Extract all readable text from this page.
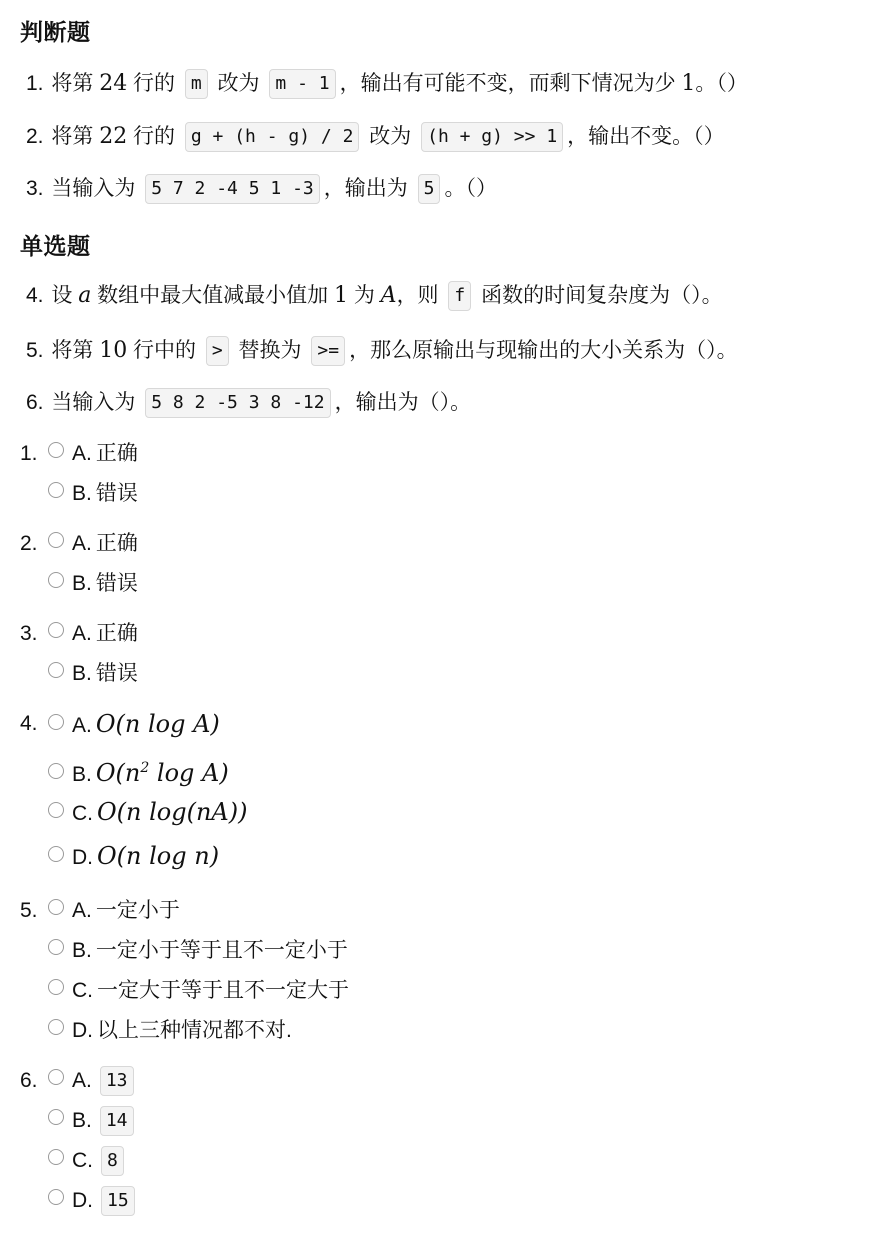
判断题
1. 将第 24 行的 m 改为 m - 1 ，输出有可能不变，而剩下情况为少 1。（）
2. 将第 22 行的 g + (h - g) / 2 改为 (h + g) >> 1 ，输出不变。（）
3. 当输入为 5 7 2 -4 5 1 -3 ，输出为 5 。（）
单选题
4. 设 a 数组中最大值减最小值加 1 为 A，则 f 函数的时间复杂度为（）。
5. 将第 10 行中的 > 替换为 >= ，那么原输出与现输出的大小关系为（）。
6. 当输入为 5 8 2 -5 3 8 -12 ，输出为（）。
1.	A. 正确
B. 错误
2.	A. 正确
B. 错误
3.	A. 正确
B. 错误
4.	A. O(n log A)
B. $O(n^2$ log A)
C. O(n log(nA))
D. O(n log n)
5.	A. 一定小于
B. 一定小于等于且不一定小于
C. 一定大于等于且不一定大于
D. 以上三种情况都不对.
6.	A. 13
B. 14
C. 8
D. 15
